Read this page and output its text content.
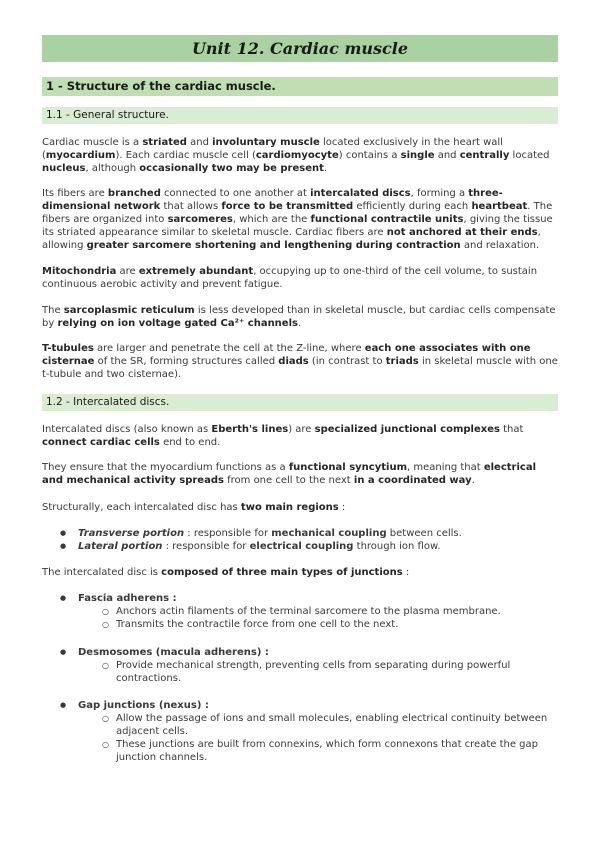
Unit 12. Cardiac muscle
1 - Structure of the cardiac muscle.
1.1 - General structure.

Cardiac muscle is a striated and involuntary muscle located exclusively in the heart wall (myocardium). Each cardiac muscle cell (cardiomyocyte) contains a single and centrally located nucleus, although occasionally two may be present.

Its fibers are branched connected to one another at intercalated discs, forming a three-dimensional network that allows force to be transmitted efficiently during each heartbeat. The fibers are organized into sarcomeres, which are the functional contractile units, giving the tissue its striated appearance similar to skeletal muscle. Cardiac fibers are not anchored at their ends, allowing greater sarcomere shortening and lengthening during contraction and relaxation.

Mitochondria are extremely abundant, occupying up to one-third of the cell volume, to sustain continuous aerobic activity and prevent fatigue.

The sarcoplasmic reticulum is less developed than in skeletal muscle, but cardiac cells compensate by relying on ion voltage gated Ca²⁺ channels.

T-tubules are larger and penetrate the cell at the Z-line, where each one associates with one cisternae of the SR, forming structures called diads (in contrast to triads in skeletal muscle with one t-tubule and two cisternae).

1.2 - Intercalated discs.

Intercalated discs (also known as Eberth's lines) are specialized junctional complexes that connect cardiac cells end to end.

They ensure that the myocardium functions as a functional syncytium, meaning that electrical and mechanical activity spreads from one cell to the next in a coordinated way.

Structurally, each intercalated disc has two main regions :

● Transverse portion : responsible for mechanical coupling between cells.
● Lateral portion : responsible for electrical coupling through ion flow.

The intercalated disc is composed of three main types of junctions :

● Fascia adherens :
○ Anchors actin filaments of the terminal sarcomere to the plasma membrane.
○ Transmits the contractile force from one cell to the next.
● Desmosomes (macula adherens) :
○ Provide mechanical strength, preventing cells from separating during powerful contractions.
● Gap junctions (nexus) :
○ Allow the passage of ions and small molecules, enabling electrical continuity between adjacent cells.
○ These junctions are built from connexins, which form connexons that create the gap junction channels.
